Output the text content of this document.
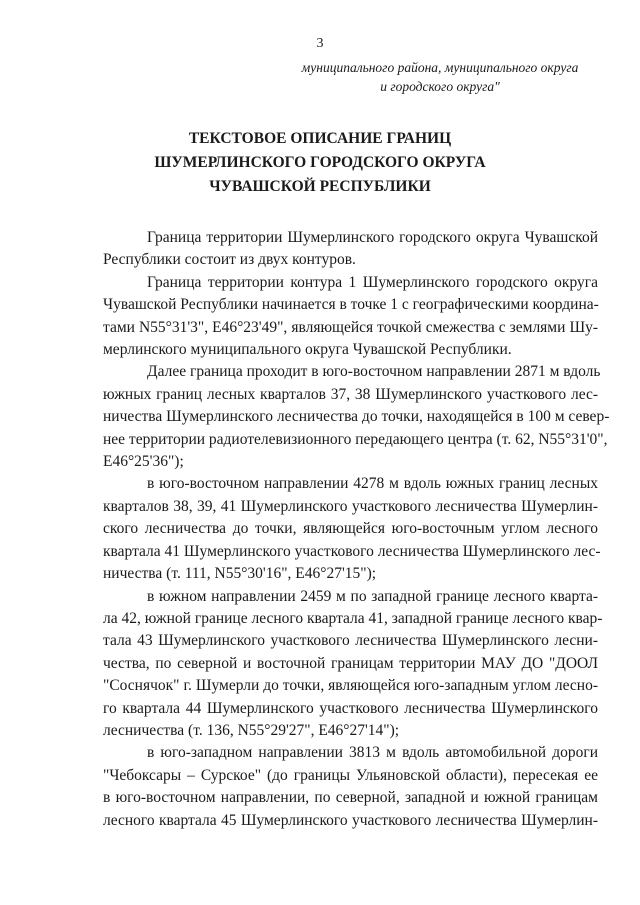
3
муниципального района, муниципального округа
и городского округа"
ТЕКСТОВОЕ ОПИСАНИЕ ГРАНИЦ
ШУМЕРЛИНСКОГО ГОРОДСКОГО ОКРУГА
ЧУВАШСКОЙ РЕСПУБЛИКИ
Граница территории Шумерлинского городского округа Чувашской
Республики состоит из двух контуров.
Граница территории контура 1 Шумерлинского городского округа
Чувашской Республики начинается в точке 1 с географическими координа-
тами N55°31'3", E46°23'49", являющейся точкой смежества с землями Шу-
мерлинского муниципального округа Чувашской Республики.
Далее граница проходит в юго-восточном направлении 2871 м вдоль
южных границ лесных кварталов 37, 38 Шумерлинского участкового лес-
ничества Шумерлинского лесничества до точки, находящейся в 100 м север-
нее территории радиотелевизионного передающего центра (т. 62, N55°31'0",
E46°25'36");
в юго-восточном направлении 4278 м вдоль южных границ лесных
кварталов 38, 39, 41 Шумерлинского участкового лесничества Шумерлин-
ского лесничества до точки, являющейся юго-восточным углом лесного
квартала 41 Шумерлинского участкового лесничества Шумерлинского лес-
ничества (т. 111, N55°30'16", E46°27'15");
в южном направлении 2459 м по западной границе лесного кварта-
ла 42, южной границе лесного квартала 41, западной границе лесного квар-
тала 43 Шумерлинского участкового лесничества Шумерлинского лесни-
чества, по северной и восточной границам территории МАУ ДО "ДООЛ
"Соснячок" г. Шумерли до точки, являющейся юго-западным углом лесно-
го квартала 44 Шумерлинского участкового лесничества Шумерлинского
лесничества (т. 136, N55°29'27", E46°27'14");
в юго-западном направлении 3813 м вдоль автомобильной дороги
"Чебоксары – Сурское" (до границы Ульяновской области), пересекая ее
в юго-восточном направлении, по северной, западной и южной границам
лесного квартала 45 Шумерлинского участкового лесничества Шумерлин-
